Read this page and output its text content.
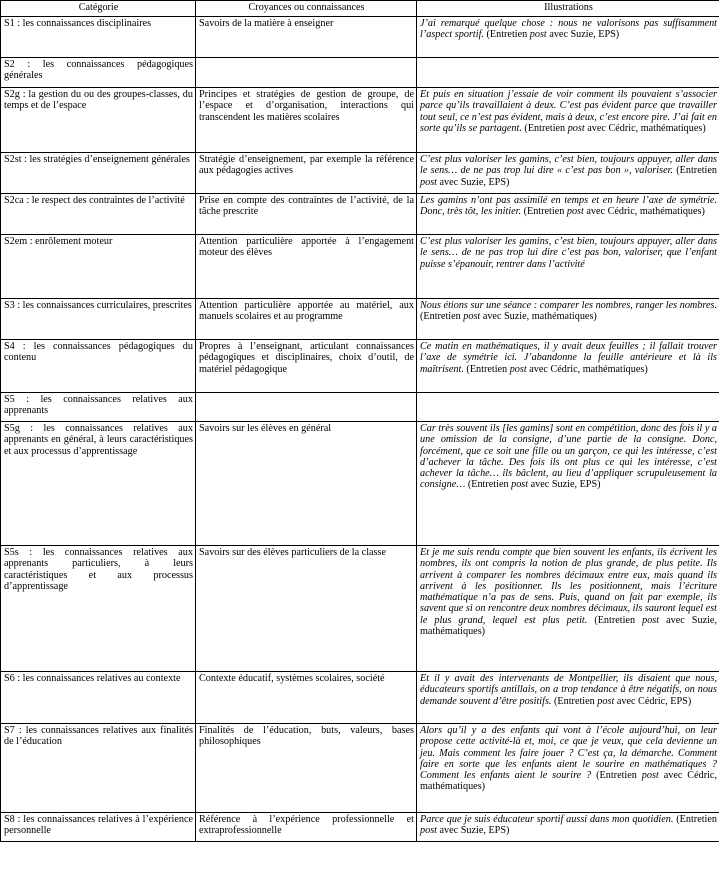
Catégorie	Croyances ou connaissances	Illustrations
S1 : les connaissances disciplinaires	Savoirs de la matière à enseigner	J’ai remarqué quelque chose : nous ne valorisons pas suffisamment l’aspect sportif. (Entretien post avec Suzie, EPS)
S2 : les connaissances pédagogiques générales		
S2g : la gestion du ou des groupes-classes, du temps et de l’espace	Principes et stratégies de gestion de groupe, de l’espace et d’organisation, interactions qui transcendent les matières scolaires	Et puis en situation j’essaie de voir comment ils pouvaient s’associer parce qu’ils travaillaient à deux. C’est pas évident parce que travailler tout seul, ce n’est pas évident, mais à deux, c’est encore pire. J’ai fait en sorte qu’ils se partagent. (Entretien post avec Cédric, mathématiques)
S2st : les stratégies d’enseignement générales	Stratégie d’enseignement, par exemple la référence aux pédagogies actives	C’est plus valoriser les gamins, c’est bien, toujours appuyer, aller dans le sens… de ne pas trop lui dire « c’est pas bon », valoriser. (Entretien post avec Suzie, EPS)
S2ca : le respect des contraintes de l’activité	Prise en compte des contraintes de l’activité, de la tâche prescrite	Les gamins n’ont pas assimilé en temps et en heure l’axe de symétrie. Donc, très tôt, les initier. (Entretien post avec Cédric, mathématiques)
S2em : enrôlement moteur	Attention particulière apportée à l’engagement moteur des élèves	C’est plus valoriser les gamins, c’est bien, toujours appuyer, aller dans le sens… de ne pas trop lui dire c’est pas bon, valoriser, que l’enfant puisse s’épanouir, rentrer dans l’activité
S3 : les connaissances curriculaires, prescrites	Attention particulière apportée au matériel, aux manuels scolaires et au programme	Nous étions sur une séance : comparer les nombres, ranger les nombres. (Entretien post avec Suzie, mathématiques)
S4 : les connaissances pédagogiques du contenu	Propres à l’enseignant, articulant connaissances pédagogiques et disciplinaires, choix d’outil, de matériel pédagogique	Ce matin en mathématiques, il y avait deux feuilles ; il fallait trouver l’axe de symétrie ici. J’abandonne la feuille antérieure et là ils maîtrisent. (Entretien post avec Cédric, mathématiques)
S5 : les connaissances relatives aux apprenants		
S5g : les connaissances relatives aux apprenants en général, à leurs caractéristiques et aux processus d’apprentissage	Savoirs sur les élèves en général	Car très souvent ils [les gamins] sont en compétition, donc des fois il y a une omission de la consigne, d’une partie de la consigne. Donc, forcément, que ce soit une fille ou un garçon, ce qui les intéresse, c’est d’achever la tâche. Des fois ils ont plus ce qui les intéresse, c’est achever la tâche… ils bâclent, au lieu d’appliquer scrupuleusement la consigne… (Entretien post avec Suzie, EPS)
S5s : les connaissances relatives aux apprenants particuliers, à leurs caractéristiques et aux processus d’apprentissage	Savoirs sur des élèves particuliers de la classe	Et je me suis rendu compte que bien souvent les enfants, ils écrivent les nombres, ils ont compris la notion de plus grande, de plus petite. Ils arrivent à comparer les nombres décimaux entre eux, mais quand ils arrivent à les positionner. Ils les positionnent, mais l’écriture mathématique n’a pas de sens. Puis, quand on fait par exemple, ils savent que si on rencontre deux nombres décimaux, ils sauront lequel est le plus grand, lequel est plus petit. (Entretien post avec Suzie, mathématiques)
S6 : les connaissances relatives au contexte	Contexte éducatif, systèmes scolaires, société	Et il y avait des intervenants de Montpellier, ils disaient que nous, éducateurs sportifs antillais, on a trop tendance à être négatifs, on nous demande souvent d’être positifs. (Entretien post avec Cédric, EPS)
S7 : les connaissances relatives aux finalités de l’éducation	Finalités de l’éducation, buts, valeurs, bases philosophiques	Alors qu’il y a des enfants qui vont à l’école aujourd’hui, on leur propose cette activité-là et, moi, ce que je veux, que cela devienne un jeu. Mais comment les faire jouer ? C’est ça, la démarche. Comment faire en sorte que les enfants aient le sourire en mathématiques ? Comment les enfants aient le sourire ? (Entretien post avec Cédric, mathématiques)
S8 : les connaissances relatives à l’expérience personnelle	Référence à l’expérience professionnelle et extraprofessionnelle	Parce que je suis éducateur sportif aussi dans mon quotidien. (Entretien post avec Suzie, EPS)
